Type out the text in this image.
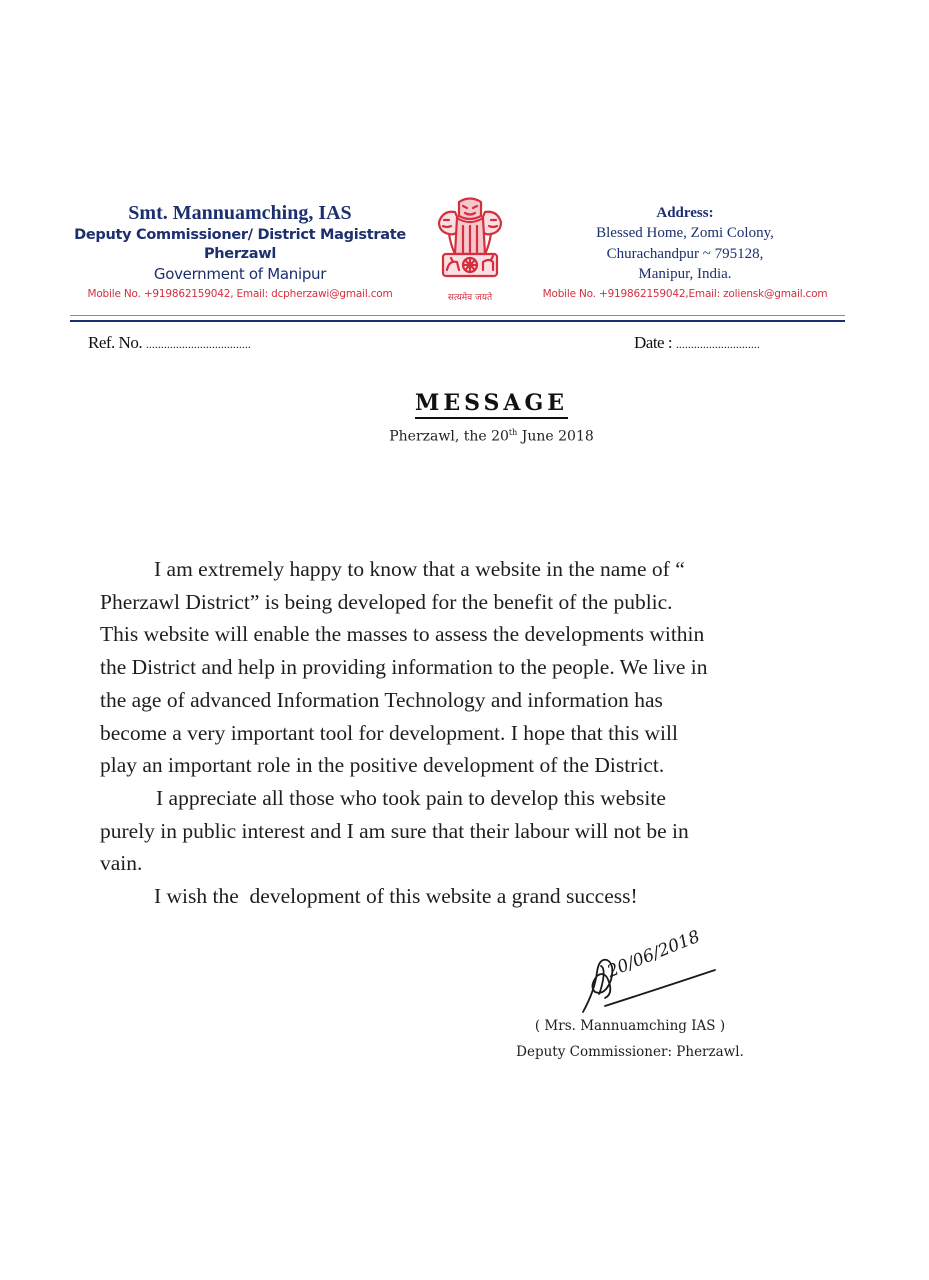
Smt. Mannuamching, IAS
Deputy Commissioner/ District Magistrate
Pherzawl
Government of Manipur
Mobile No. +919862159042, Email: dcpherzawi@gmail.com	सत्यमेव जयते
Address:
Blessed Home, Zomi Colony,
Churachandpur ~ 795128,
Manipur, India.
Mobile No. +919862159042,Email: zoliensk@gmail.com
Ref. No. ...................................	Date : ............................
MESSAGE
Pherzawl, the 20th June 2018

I am extremely happy to know that a website in the name of “
Pherzawl District” is being developed for the benefit of the public.
This website will enable the masses to assess the developments within
the District and help in providing information to the people. We live in
the age of advanced Information Technology and information has
become a very important tool for development. I hope that this will
play an important role in the positive development of the District.

I appreciate all those who took pain to develop this website
purely in public interest and I am sure that their labour will not be in
vain.

I wish the  development of this website a grand success!

20/06/2018
( Mrs. Mannuamching IAS )
Deputy Commissioner: Pherzawl.
